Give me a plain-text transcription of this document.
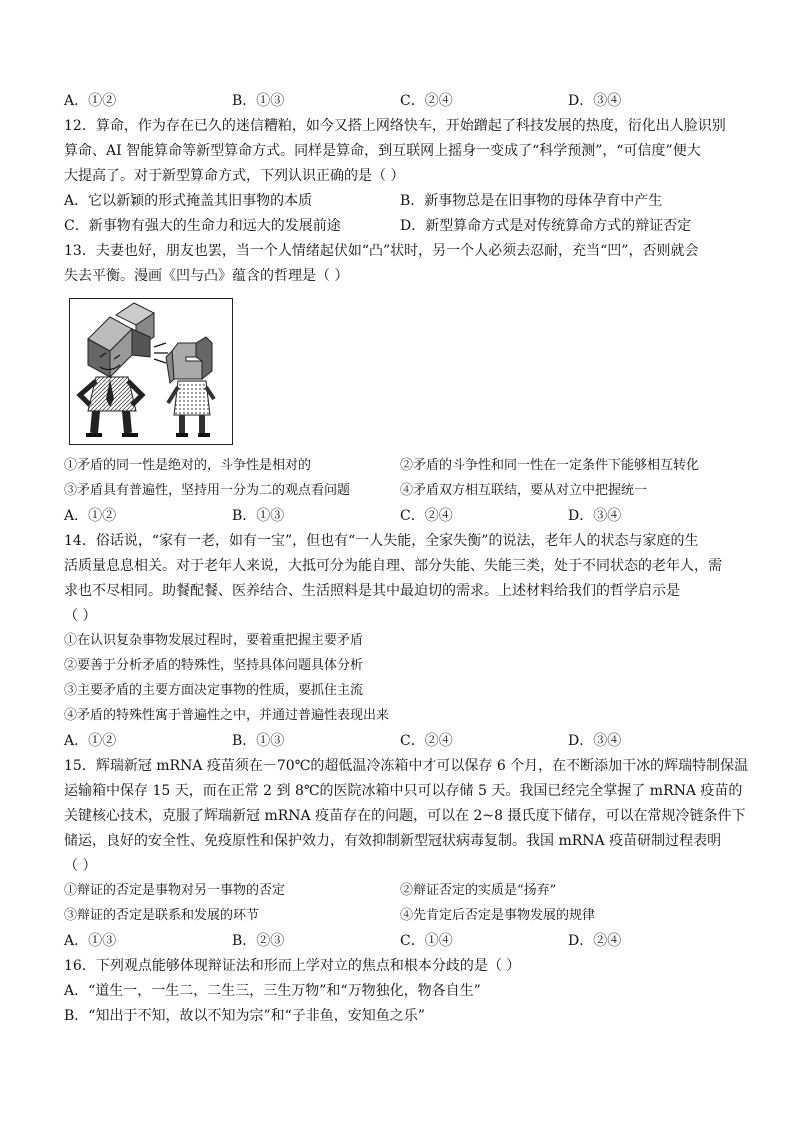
A．①②	B．①③	C．②④	D．③④
12．算命，作为存在已久的迷信糟粕，如今又搭上网络快车，开始蹭起了科技发展的热度，衍化出人脸识别
算命、AI 智能算命等新型算命方式。同样是算命，到互联网上摇身一变成了“科学预测”，“可信度”便大
大提高了。对于新型算命方式，下列认识正确的是（ ）
A．它以新颖的形式掩盖其旧事物的本质	B．新事物总是在旧事物的母体孕育中产生
C．新事物有强大的生命力和远大的发展前途	D．新型算命方式是对传统算命方式的辩证否定
13．夫妻也好，朋友也罢，当一个人情绪起伏如“凸”状时，另一个人必须去忍耐，充当“凹”，否则就会
失去平衡。漫画《凹与凸》蕴含的哲理是（ ）
①矛盾的同一性是绝对的，斗争性是相对的	②矛盾的斗争性和同一性在一定条件下能够相互转化
③矛盾具有普遍性，坚持用一分为二的观点看问题	④矛盾双方相互联结，要从对立中把握统一
A．①②	B．①③	C．②④	D．③④
14．俗话说，“家有一老，如有一宝”，但也有“一人失能，全家失衡”的说法，老年人的状态与家庭的生
活质量息息相关。对于老年人来说，大抵可分为能自理、部分失能、失能三类，处于不同状态的老年人，需
求也不尽相同。助餐配餐、医养结合、生活照料是其中最迫切的需求。上述材料给我们的哲学启示是
（ ）
①在认识复杂事物发展过程时，要着重把握主要矛盾
②要善于分析矛盾的特殊性，坚持具体问题具体分析
③主要矛盾的主要方面决定事物的性质，要抓住主流
④矛盾的特殊性寓于普遍性之中，并通过普遍性表现出来
A．①②	B．①③	C．②④	D．③④
15．辉瑞新冠 mRNA 疫苗须在－70℃的超低温冷冻箱中才可以保存 6 个月，在不断添加干冰的辉瑞特制保温
运输箱中保存 15 天，而在正常 2 到 8℃的医院冰箱中只可以存储 5 天。我国已经完全掌握了 mRNA 疫苗的
关键核心技术，克服了辉瑞新冠 mRNA 疫苗存在的问题，可以在 2~8 摄氏度下储存，可以在常规冷链条件下
储运，良好的安全性、免疫原性和保护效力，有效抑制新型冠状病毒复制。我国 mRNA 疫苗研制过程表明
（ ）
①辩证的否定是事物对另一事物的否定	②辩证否定的实质是“扬弃”
③辩证的否定是联系和发展的环节	④先肯定后否定是事物发展的规律
A．①③	B．②③	C．①④	D．②④
16．下列观点能够体现辩证法和形而上学对立的焦点和根本分歧的是（ ）
A．“道生一，一生二，二生三，三生万物”和“万物独化，物各自生”
B．“知出于不知，故以不知为宗”和“子非鱼，安知鱼之乐”
